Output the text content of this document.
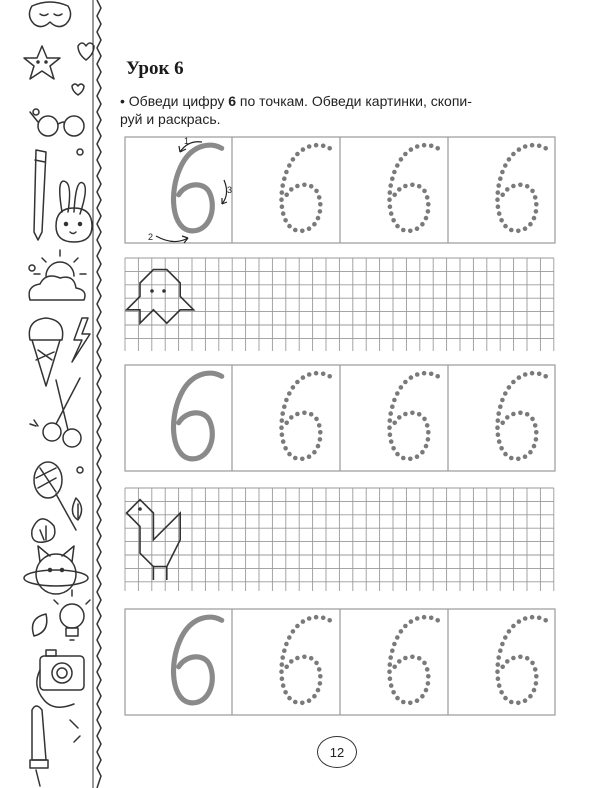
Урок 6
• Обведи цифру 6 по точкам. Обведи картинки, скопи-
руй и раскрась.
1
2
3
12
